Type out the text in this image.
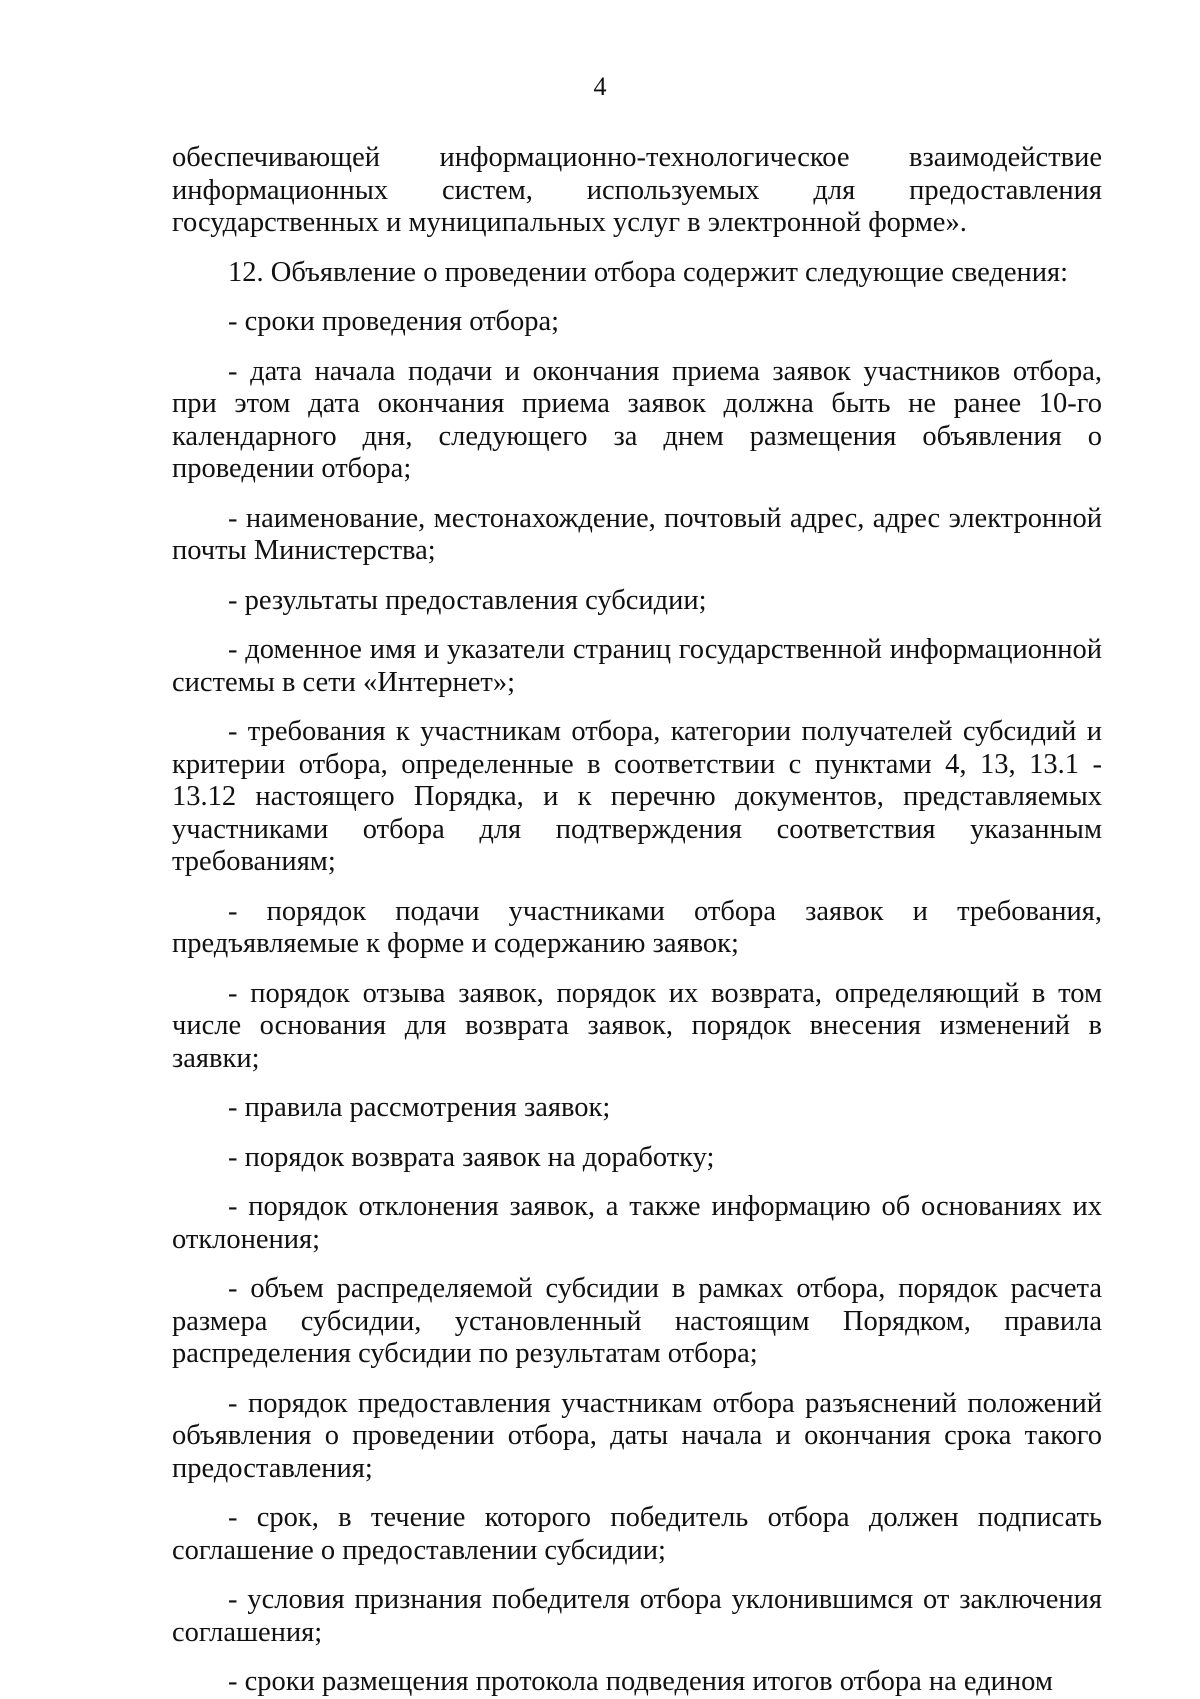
4

обеспечивающей информационно-технологическое взаимодействие информационных систем, используемых для предоставления государственных и муниципальных услуг в электронной форме».

12. Объявление о проведении отбора содержит следующие сведения:

- сроки проведения отбора;

- дата начала подачи и окончания приема заявок участников отбора, при этом дата окончания приема заявок должна быть не ранее 10-го календарного дня, следующего за днем размещения объявления о проведении отбора;

- наименование, местонахождение, почтовый адрес, адрес электронной почты Министерства;

- результаты предоставления субсидии;

- доменное имя и указатели страниц государственной информационной системы в сети «Интернет»;

- требования к участникам отбора, категории получателей субсидий и критерии отбора, определенные в соответствии с пунктами 4, 13, 13.1 - 13.12 настоящего Порядка, и к перечню документов, представляемых участниками отбора для подтверждения соответствия указанным требованиям;

- порядок подачи участниками отбора заявок и требования, предъявляемые к форме и содержанию заявок;

- порядок отзыва заявок, порядок их возврата, определяющий в том числе основания для возврата заявок, порядок внесения изменений в заявки;

- правила рассмотрения заявок;

- порядок возврата заявок на доработку;

- порядок отклонения заявок, а также информацию об основаниях их отклонения;

- объем распределяемой субсидии в рамках отбора, порядок расчета размера субсидии, установленный настоящим Порядком, правила распределения субсидии по результатам отбора;

- порядок предоставления участникам отбора разъяснений положений объявления о проведении отбора, даты начала и окончания срока такого предоставления;

- срок, в течение которого победитель отбора должен подписать соглашение о предоставлении субсидии;

- условия признания победителя отбора уклонившимся от заключения соглашения;

- сроки размещения протокола подведения итогов отбора на едином
